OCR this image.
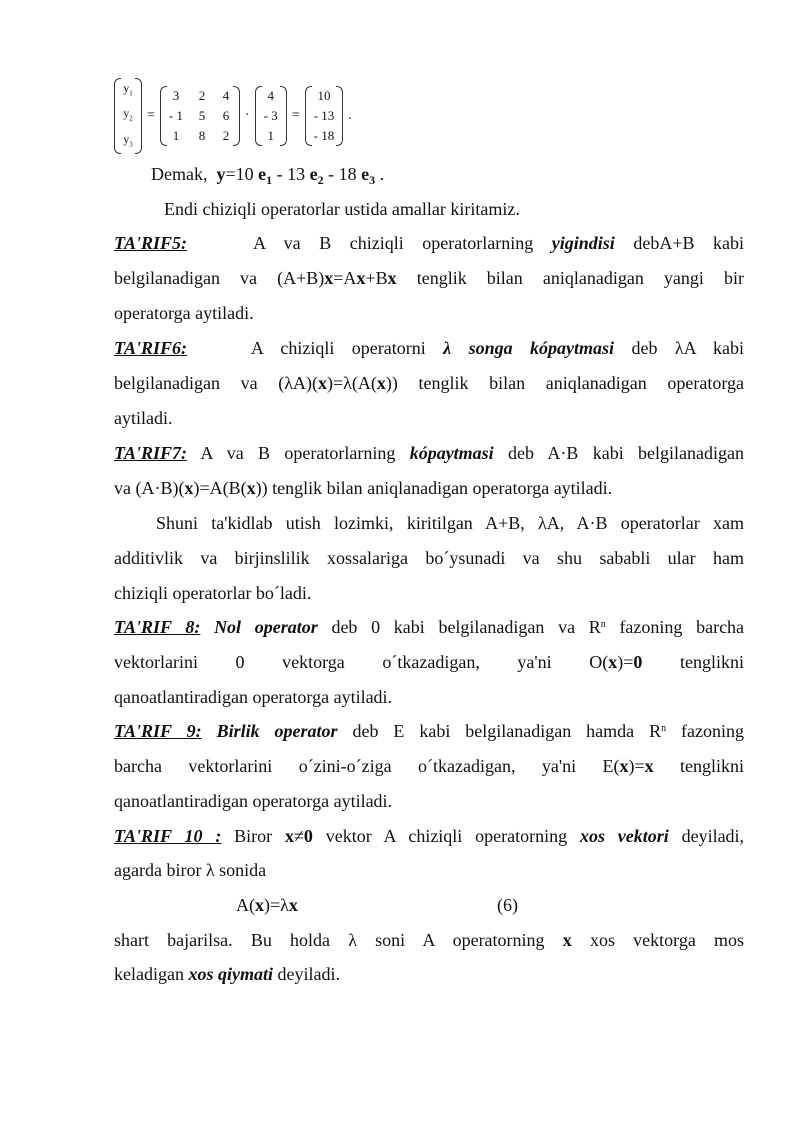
$y_1$
$y_2$
$y_3$
=
3 2 4
- 1 5 6
1 8 2
·
4
- 3
1
=
10
- 13
- 18
.
Demak, y=10 $e_1 - 13$ $e_2 - 18$ $e_3$ .
Endi chiziqli operatorlar ustida amallar kiritamiz.
TA'RIF5:	A va B chiziqli operatorlarning yigindisi debA+B kabi
belgilanadigan va (A+B)x=Ax+Bx tenglik bilan aniqlanadigan yangi bir
operatorga aytiladi.
TA'RIF6:	A chiziqli operatorni λ songa kópaytmasi deb λA kabi
belgilanadigan va (λA)(x)=λ(A(x)) tenglik bilan aniqlanadigan operatorga
aytiladi.
TA'RIF7: A va B operatorlarning kópaytmasi deb A·B kabi belgilanadigan
va (A·B)(x)=A(B(x)) tenglik bilan aniqlanadigan operatorga aytiladi.
Shuni ta'kidlab utish lozimki, kiritilgan A+B, λA, A·B operatorlar xam
additivlik va birjinslilik xossalariga bo´ysunadi va shu sababli ular ham
chiziqli operatorlar bo´ladi.
TA'RIF 8: Nol operator deb 0 kabi belgilanadigan va $R^n$ fazoning barcha
vektorlarini 0 vektorga o´tkazadigan, ya'ni O(x)=0 tenglikni
qanoatlantiradigan operatorga aytiladi.
TA'RIF 9: Birlik operator deb E kabi belgilanadigan hamda $R^n$ fazoning
barcha vektorlarini o´zini-o´ziga o´tkazadigan, ya'ni E(x)=x tenglikni
qanoatlantiradigan operatorga aytiladi.
TA'RIF 10 : Biror x≠0 vektor A chiziqli operatorning xos vektori deyiladi,
agarda biror λ sonida
A(x)=λx	(6)
shart bajarilsa. Bu holda λ soni A operatorning x xos vektorga mos
keladigan xos qiymati deyiladi.
